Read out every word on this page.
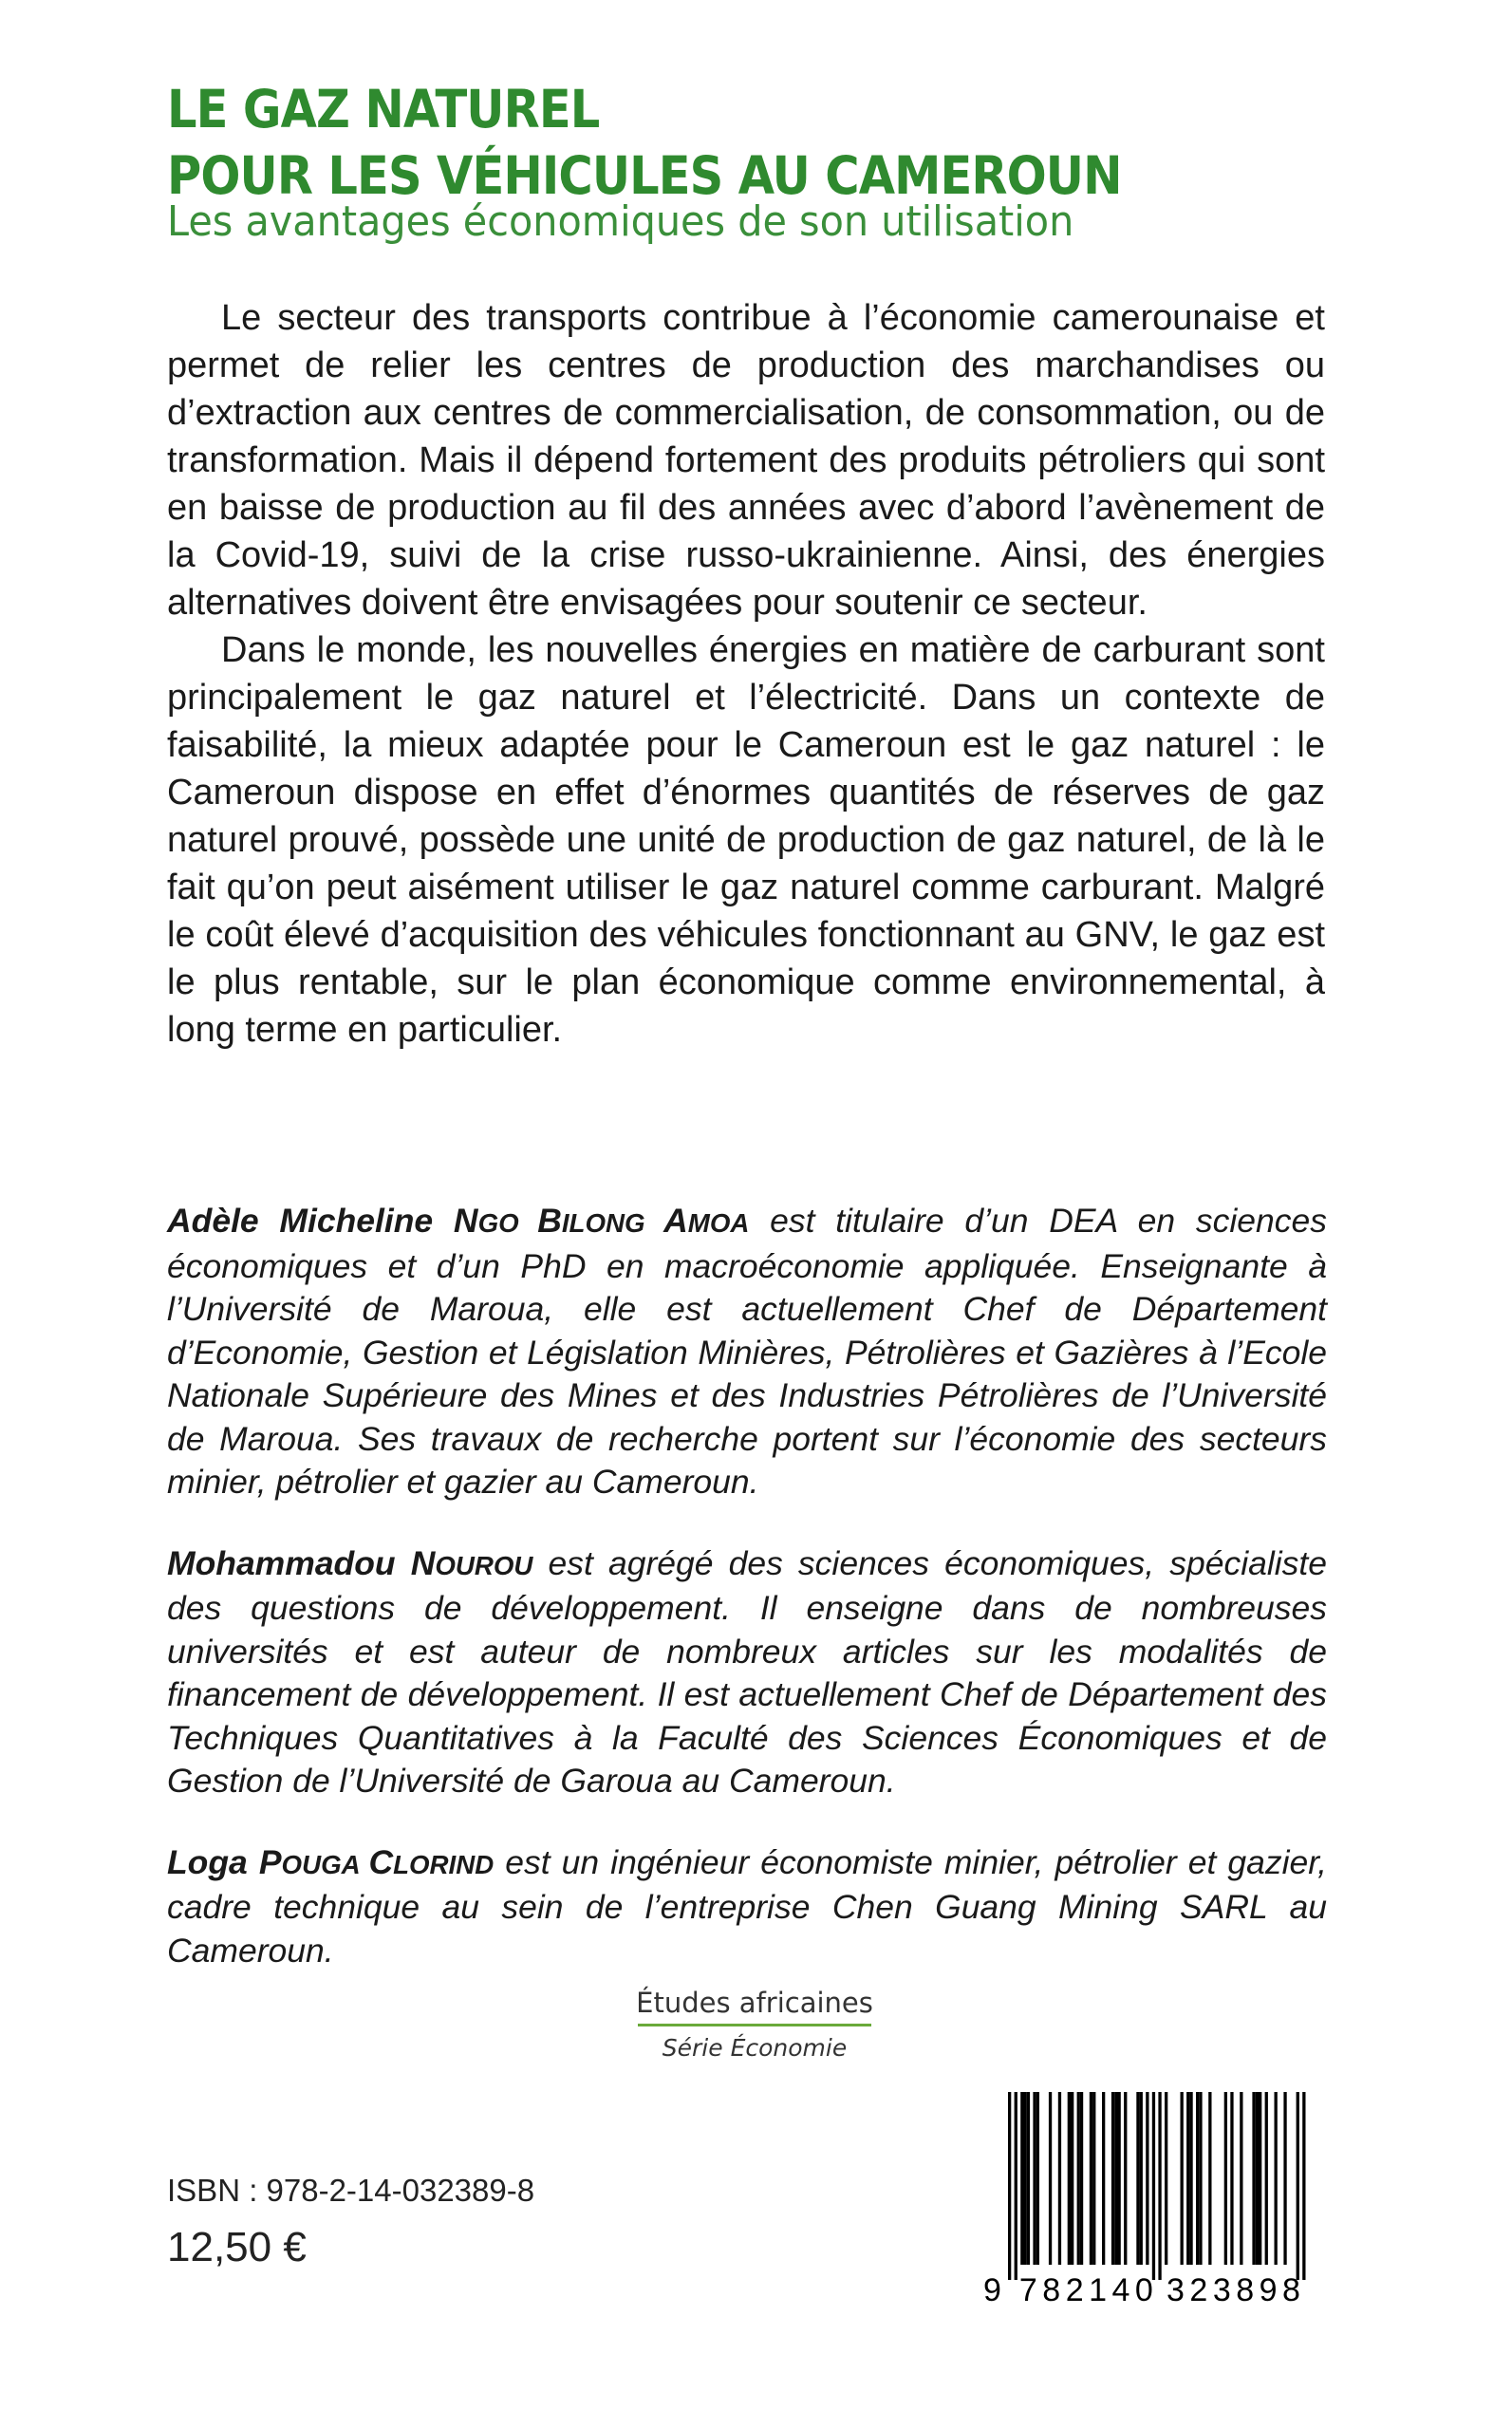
LE GAZ NATUREL
POUR LES VÉHICULES AU CAMEROUN
Les avantages économiques de son utilisation

Le secteur des transports contribue à l’économie camerounaise et permet de relier les centres de production des marchandises ou d’extraction aux centres de commercialisation, de consommation, ou de transformation. Mais il dépend fortement des produits pétroliers qui sont en baisse de production au fil des années avec d’abord l’avènement de la Covid-19, suivi de la crise russo-ukrainienne. Ainsi, des énergies alternatives doivent être envisagées pour soutenir ce secteur.

Dans le monde, les nouvelles énergies en matière de carburant sont principalement le gaz naturel et l’électricité. Dans un contexte de faisabilité, la mieux adaptée pour le Cameroun est le gaz naturel : le Cameroun dispose en effet d’énormes quantités de réserves de gaz naturel prouvé, possède une unité de production de gaz naturel, de là le fait qu’on peut aisément utiliser le gaz naturel comme carburant. Malgré le coût élevé d’acquisition des véhicules fonctionnant au GNV, le gaz est le plus rentable, sur le plan économique comme environnemental, à long terme en particulier.

Adèle Micheline NGO BILONG AMOA est titulaire d’un DEA en sciences économiques et d’un PhD en macroéconomie appliquée. Enseignante à l’Université de Maroua, elle est actuellement Chef de Département d’Economie, Gestion et Législation Minières, Pétrolières et Gazières à l’Ecole Nationale Supérieure des Mines et des Industries Pétrolières de l’Université de Maroua. Ses travaux de recherche portent sur l’économie des secteurs minier, pétrolier et gazier au Cameroun.

Mohammadou NOUROU est agrégé des sciences économiques, spécialiste des questions de développement. Il enseigne dans de nombreuses universités et est auteur de nombreux articles sur les modalités de financement de développement. Il est actuellement Chef de Département des Techniques Quantitatives à la Faculté des Sciences Économiques et de Gestion de l’Université de Garoua au Cameroun.

Loga POUGA CLORIND est un ingénieur économiste minier, pétrolier et gazier, cadre technique au sein de l’entreprise Chen Guang Mining SARL au Cameroun.

Études africaines
Série Économie
ISBN : 978-2-14-032389-8
12,50 €
9 782140 323898
